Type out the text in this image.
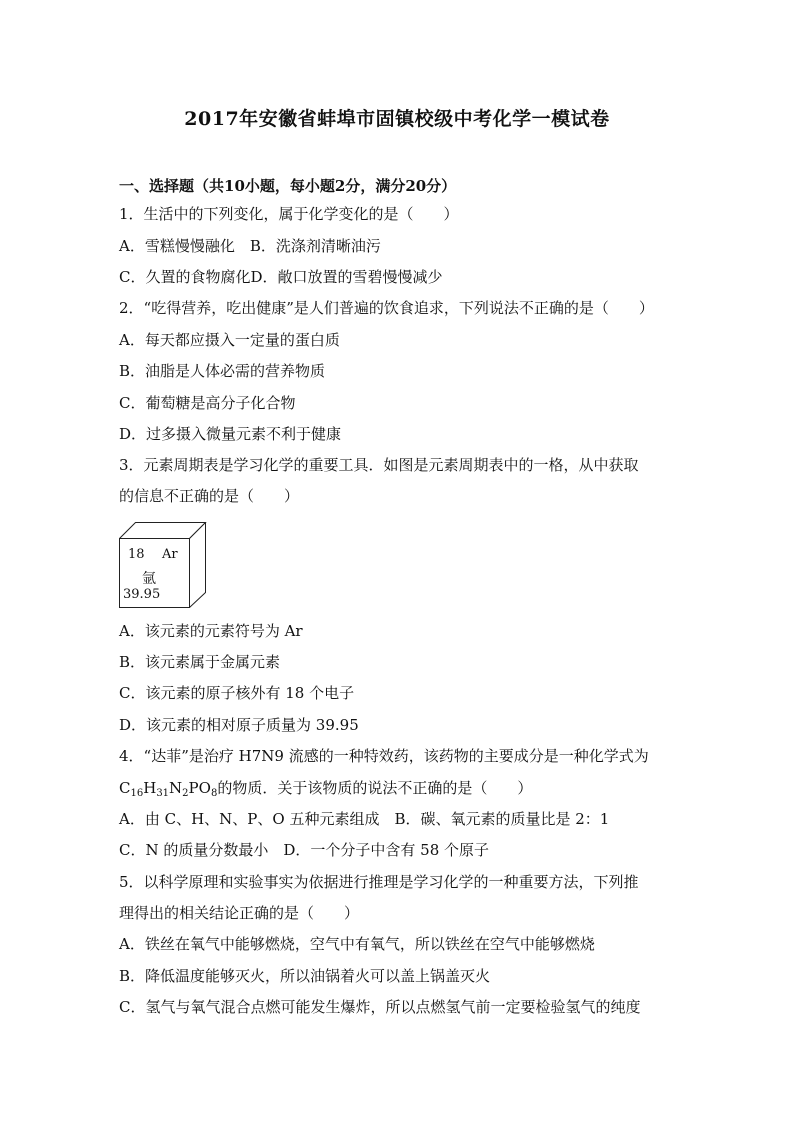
2017年安徽省蚌埠市固镇校级中考化学一模试卷
一、选择题（共10小题，每小题2分，满分20分）
1．生活中的下列变化，属于化学变化的是（　　）
A．雪糕慢慢融化　B．洗涤剂清晰油污
C．久置的食物腐化D．敞口放置的雪碧慢慢减少
2．“吃得营养，吃出健康”是人们普遍的饮食追求，下列说法不正确的是（　　）
A．每天都应摄入一定量的蛋白质
B．油脂是人体必需的营养物质
C．葡萄糖是高分子化合物
D．过多摄入微量元素不利于健康
3．元素周期表是学习化学的重要工具．如图是元素周期表中的一格，从中获取
的信息不正确的是（　　）
18 Ar
氩
39.95
A．该元素的元素符号为 Ar
B．该元素属于金属元素
C．该元素的原子核外有 18 个电子
D．该元素的相对原子质量为 39.95
4．“达菲”是治疗 H7N9 流感的一种特效药，该药物的主要成分是一种化学式为
$C_{16}H_{31}N_2PO_8$的物质．关于该物质的说法不正确的是（　　）
A．由 C、H、N、P、O 五种元素组成　B．碳、氧元素的质量比是 2：1
C．N 的质量分数最小　D．一个分子中含有 58 个原子
5．以科学原理和实验事实为依据进行推理是学习化学的一种重要方法，下列推
理得出的相关结论正确的是（　　）
A．铁丝在氧气中能够燃烧，空气中有氧气，所以铁丝在空气中能够燃烧
B．降低温度能够灭火，所以油锅着火可以盖上锅盖灭火
C．氢气与氧气混合点燃可能发生爆炸，所以点燃氢气前一定要检验氢气的纯度
